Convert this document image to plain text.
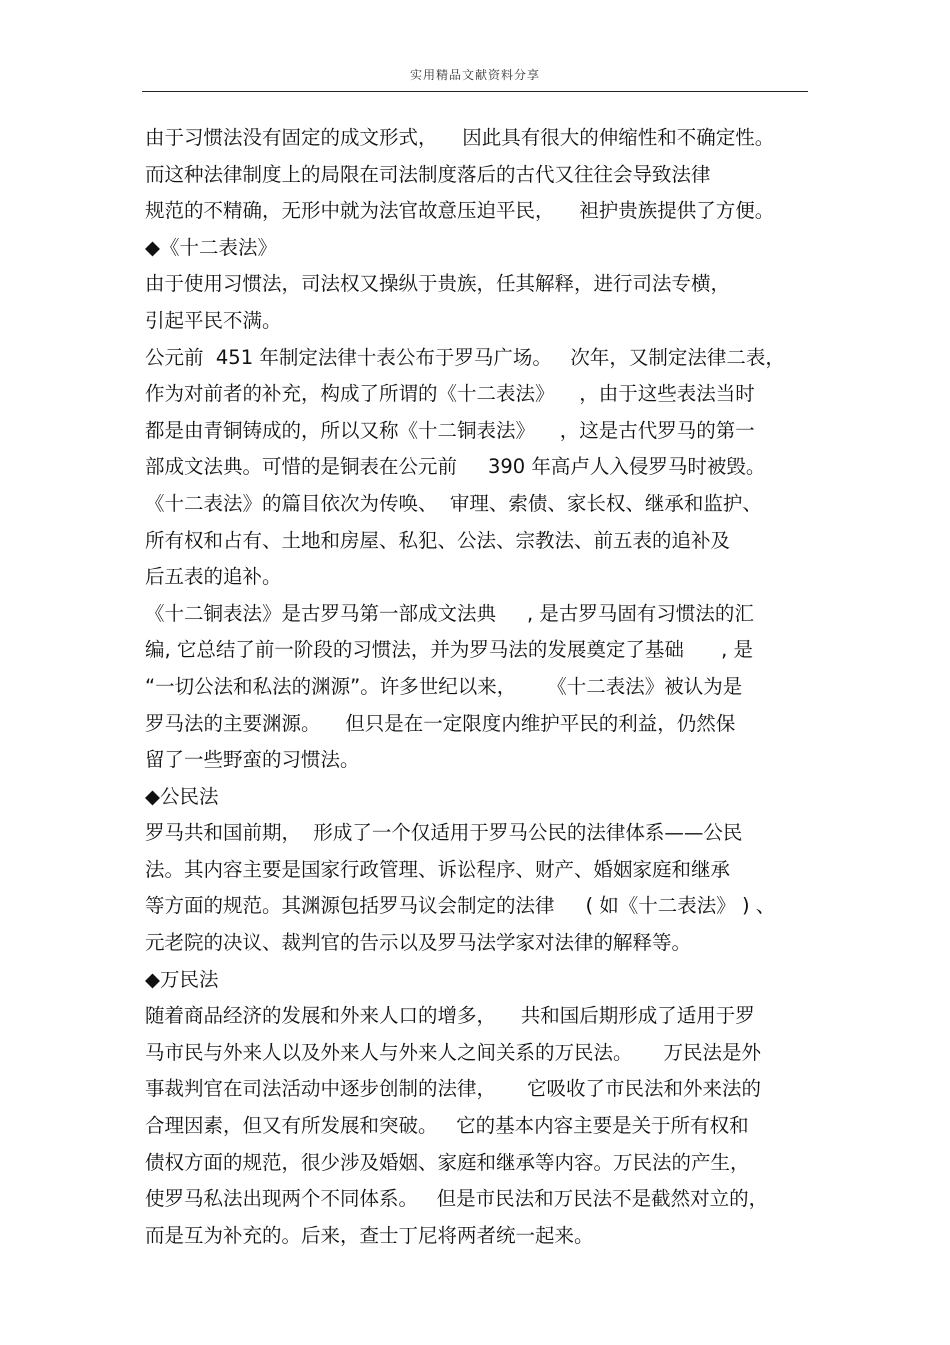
实用精品文献资料分享
由于习惯法没有固定的成文形式，    因此具有很大的伸缩性和不确定性。
而这种法律制度上的局限在司法制度落后的古代又往往会导致法律
规范的不精确，无形中就为法官故意压迫平民，    袒护贵族提供了方便。
◆《十二表法》
由于使用习惯法，司法权又操纵于贵族，任其解释，进行司法专横，
引起平民不满。
公元前  451 年制定法律十表公布于罗马广场。   次年，又制定法律二表，
作为对前者的补充，构成了所谓的《十二表法》    ，由于这些表法当时
都是由青铜铸成的，所以又称《十二铜表法》    ，这是古代罗马的第一
部成文法典。可惜的是铜表在公元前     390 年高卢人入侵罗马时被毁。
《十二表法》的篇目依次为传唤、  审理、索债、家长权、继承和监护、
所有权和占有、土地和房屋、私犯、公法、宗教法、前五表的追补及
后五表的追补。
《十二铜表法》是古罗马第一部成文法典     , 是古罗马固有习惯法的汇
编, 它总结了前一阶段的习惯法，并为罗马法的发展奠定了基础      , 是
“一切公法和私法的渊源”。许多世纪以来，     《十二表法》被认为是
罗马法的主要渊源。    但只是在一定限度内维护平民的利益，仍然保
留了一些野蛮的习惯法。
◆公民法
罗马共和国前期，  形成了一个仅适用于罗马公民的法律体系——公民
法。其内容主要是国家行政管理、诉讼程序、财产、婚姻家庭和继承
等方面的规范。其渊源包括罗马议会制定的法律     ( 如《十二表法》 ) 、
元老院的决议、裁判官的告示以及罗马法学家对法律的解释等。
◆万民法
随着商品经济的发展和外来人口的增多，    共和国后期形成了适用于罗
马市民与外来人以及外来人与外来人之间关系的万民法。     万民法是外
事裁判官在司法活动中逐步创制的法律，     它吸收了市民法和外来法的
合理因素，但又有所发展和突破。   它的基本内容主要是关于所有权和
债权方面的规范，很少涉及婚姻、家庭和继承等内容。万民法的产生，
使罗马私法出现两个不同体系。   但是市民法和万民法不是截然对立的，
而是互为补充的。后来，查士丁尼将两者统一起来。
